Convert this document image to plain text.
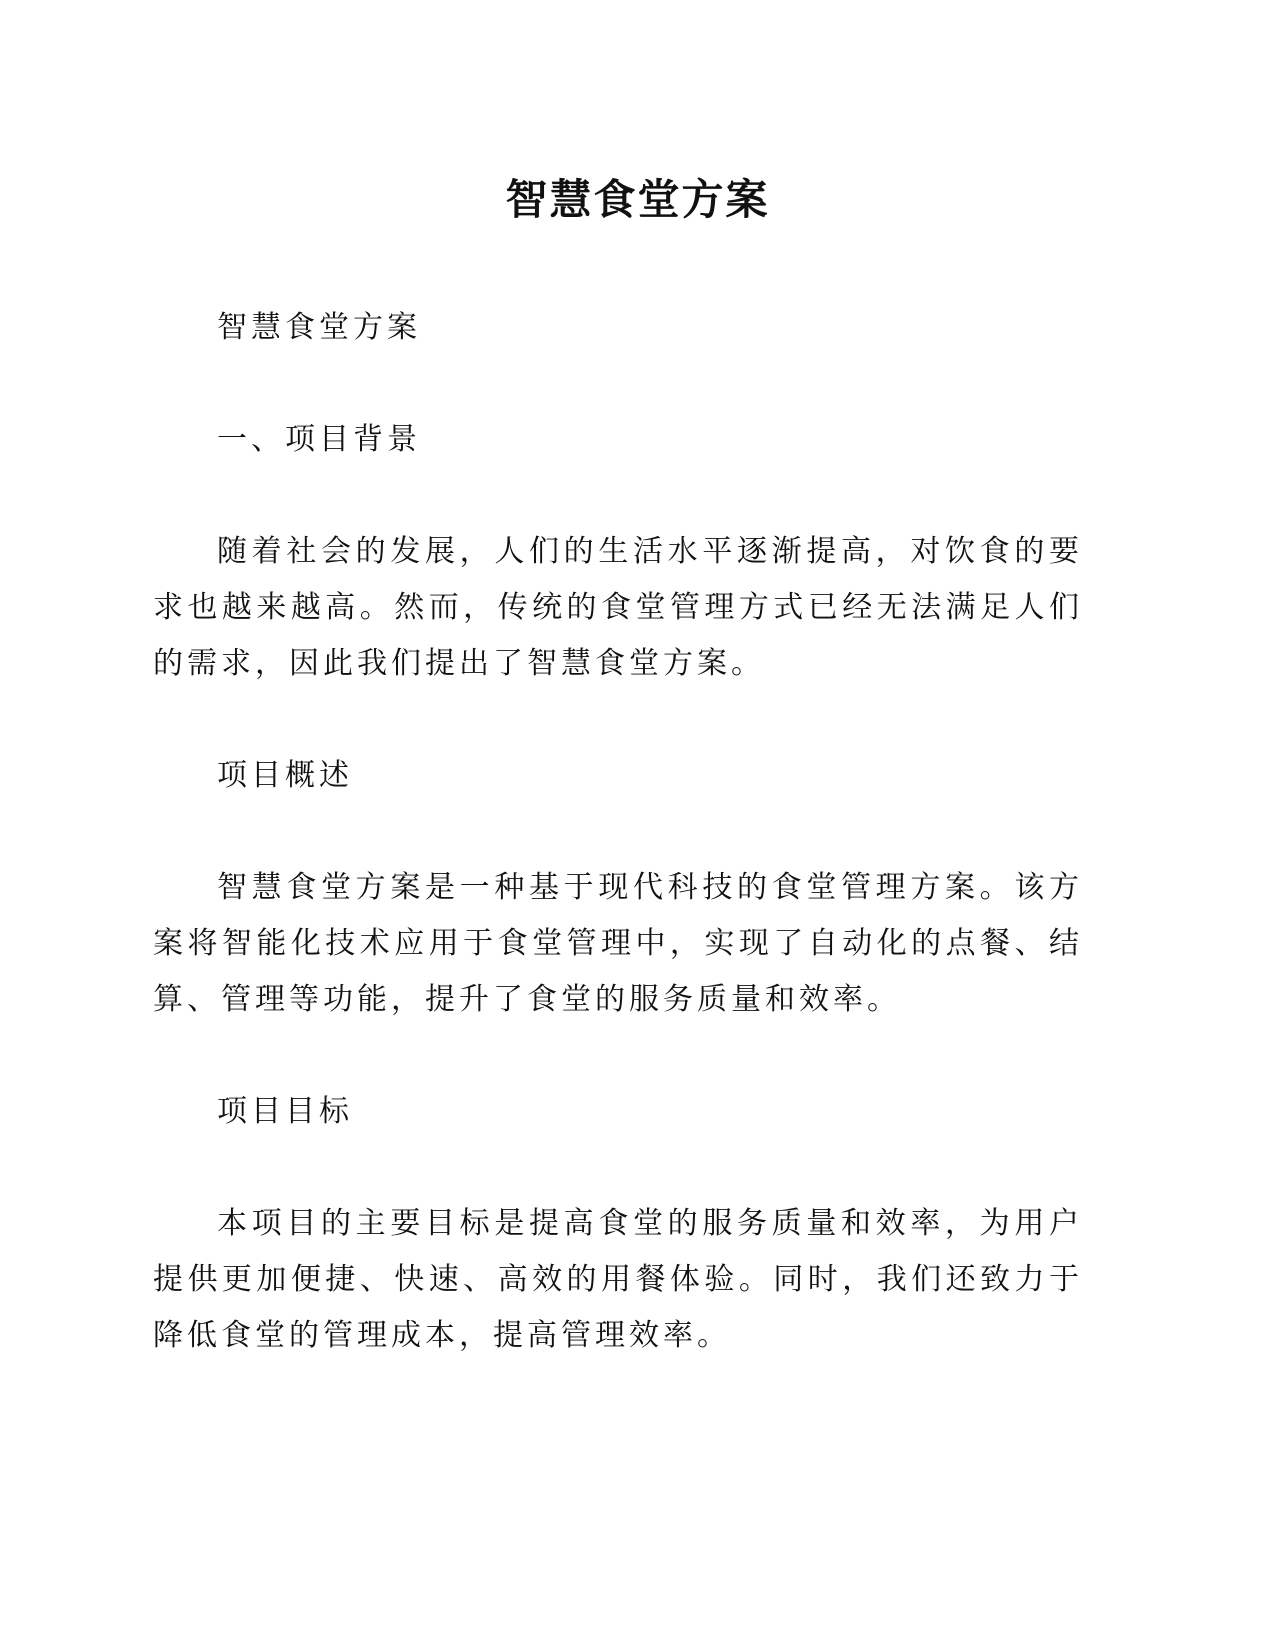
智慧食堂方案

智慧食堂方案

一、项目背景

随着社会的发展，人们的生活水平逐渐提高，对饮食的要求也越来越高。然而，传统的食堂管理方式已经无法满足人们的需求，因此我们提出了智慧食堂方案。

项目概述

智慧食堂方案是一种基于现代科技的食堂管理方案。该方案将智能化技术应用于食堂管理中，实现了自动化的点餐、结算、管理等功能，提升了食堂的服务质量和效率。

项目目标

本项目的主要目标是提高食堂的服务质量和效率，为用户提供更加便捷、快速、高效的用餐体验。同时，我们还致力于降低食堂的管理成本，提高管理效率。
